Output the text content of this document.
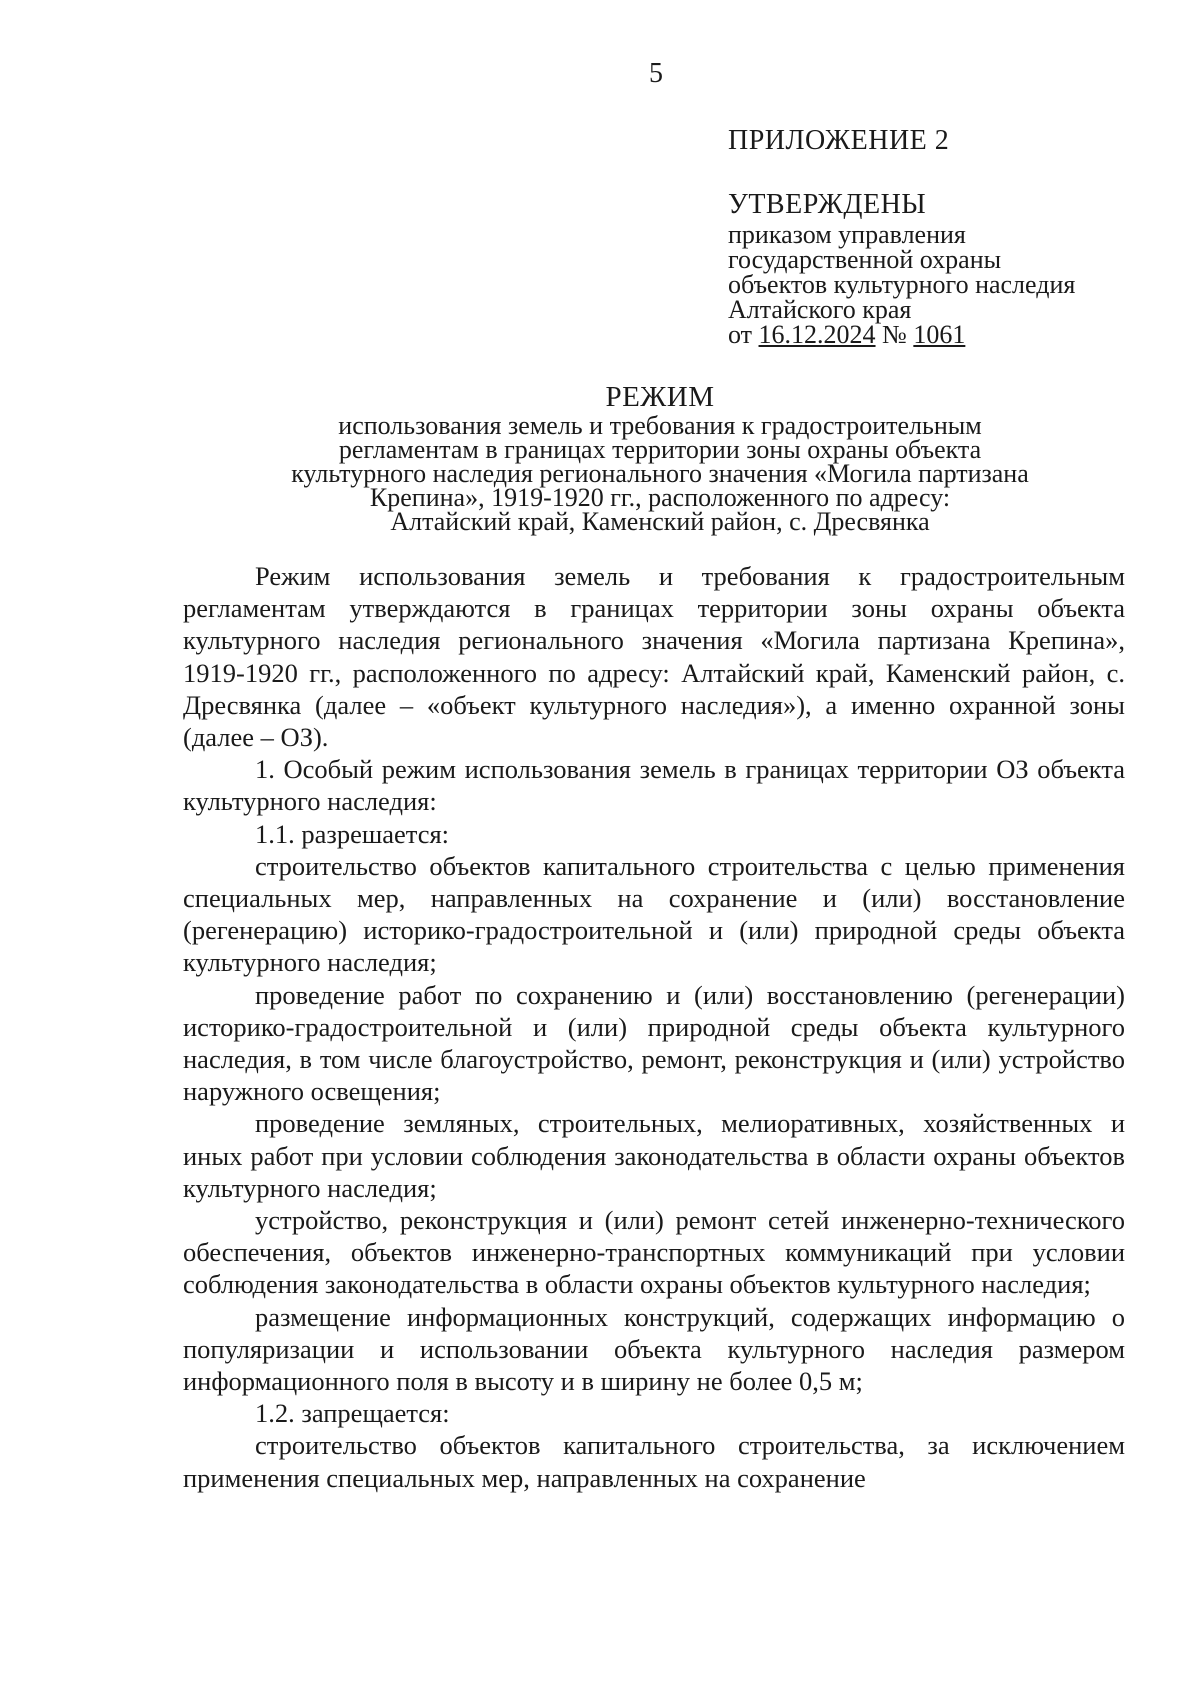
5
ПРИЛОЖЕНИЕ 2
УТВЕРЖДЕНЫ
приказом управления
государственной охраны
объектов культурного наследия
Алтайского края
от 16.12.2024 № 1061
РЕЖИМ
использования земель и требования к градостроительным
регламентам в границах территории зоны охраны объекта
культурного наследия регионального значения «Могила партизана
Крепина», 1919-1920 гг., расположенного по адресу:
Алтайский край, Каменский район, с. Дресвянка

Режим использования земель и требования к градостроительным регламентам утверждаются в границах территории зоны охраны объекта культурного наследия регионального значения «Могила партизана Крепина», 1919-1920 гг., расположенного по адресу: Алтайский край, Каменский район, с. Дресвянка (далее – «объект культурного наследия»), а именно охранной зоны (далее – ОЗ).

1. Особый режим использования земель в границах территории ОЗ объекта культурного наследия:

1.1. разрешается:

строительство объектов капитального строительства с целью применения специальных мер, направленных на сохранение и (или) восстановление (регенерацию) историко-градостроительной и (или) природной среды объекта культурного наследия;

проведение работ по сохранению и (или) восстановлению (регенерации) историко-градостроительной и (или) природной среды объекта культурного наследия, в том числе благоустройство, ремонт, реконструкция и (или) устройство наружного освещения;

проведение земляных, строительных, мелиоративных, хозяйственных и иных работ при условии соблюдения законодательства в области охраны объектов культурного наследия;

устройство, реконструкция и (или) ремонт сетей инженерно-технического обеспечения, объектов инженерно-транспортных коммуникаций при условии соблюдения законодательства в области охраны объектов культурного наследия;

размещение информационных конструкций, содержащих информацию о популяризации и использовании объекта культурного наследия размером информационного поля в высоту и в ширину не более 0,5 м;

1.2. запрещается:

строительство объектов капитального строительства, за исключением применения специальных мер, направленных на сохранение
